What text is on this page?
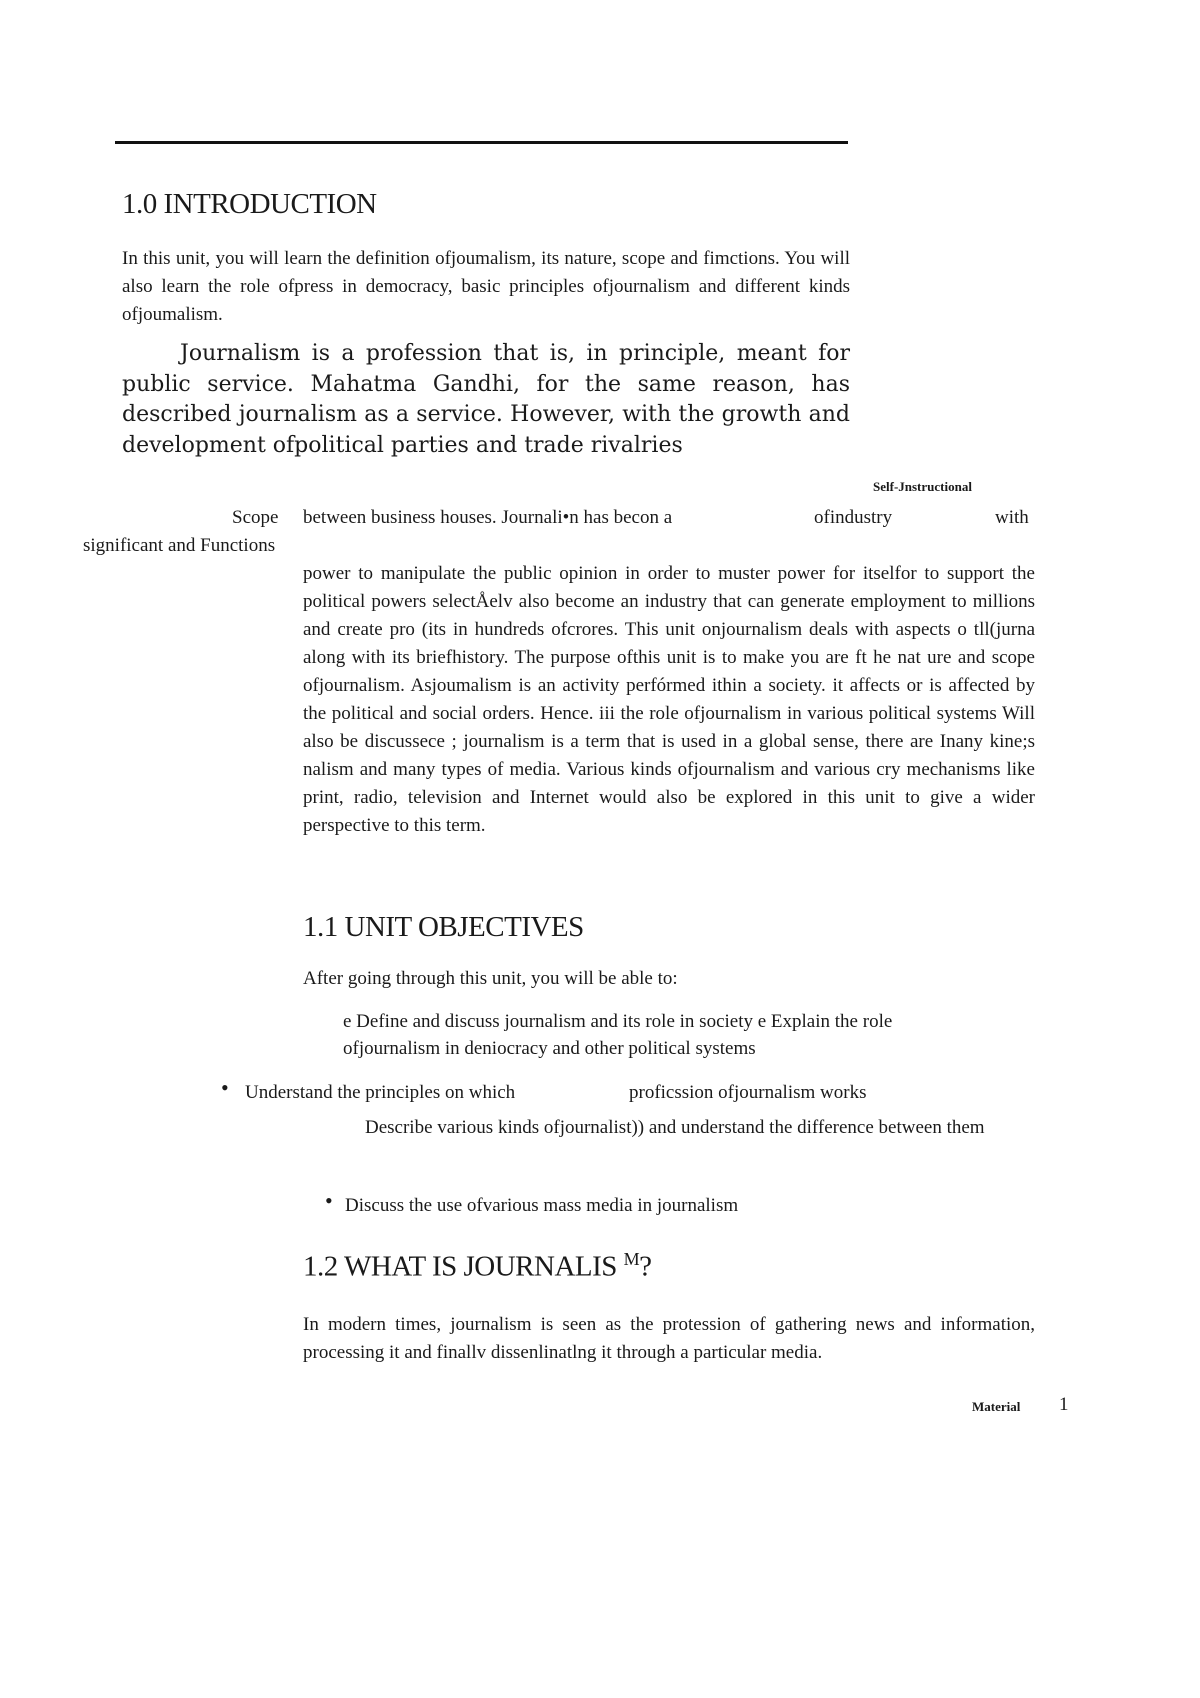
1.0 INTRODUCTION

In this unit, you will learn the definition ofjoumalism, its nature, scope and fimctions. You will also learn the role ofpress in democracy, basic principles ofjournalism and different kinds ofjoumalism.

Journalism is a profession that is, in principle, meant for public service. Mahatma Gandhi, for the same reason, has described journalism as a service. However, with the growth and development ofpolitical parties and trade rivalries

Self-Jnstructional
Scope between business houses. Journali•n has becon a	ofindustry	with
significant and Functions

power to manipulate the public opinion in order to muster power for itselfor to support the political powers selectÅelv also become an industry that can generate employment to millions and create pro (its in hundreds ofcrores. This unit onjournalism deals with aspects o tll(jurna along with its briefhistory. The purpose ofthis unit is to make you are ft he nat ure and scope ofjournalism. Asjoumalism is an activity perfórmed ithin a society. it affects or is affected by the political and social orders. Hence. iii the role ofjournalism in various political systems Will also be discussece ; journalism is a term that is used in a global sense, there are Inany kine;s nalism and many types of media. Various kinds ofjournalism and various cry mechanisms like print, radio, television and Internet would also be explored in this unit to give a wider perspective to this term.

1.1 UNIT OBJECTIVES
After going through this unit, you will be able to:
e Define and discuss journalism and its role in society e Explain the role
ofjournalism in deniocracy and other political systems
• Understand the principles on which	proficssion ofjournalism works

Describe various kinds ofjournalist)) and understand the difference between them

• Discuss the use ofvarious mass media in journalism
1.2 WHAT IS JOURNALIS $^M$?

In modern times, journalism is seen as the protession of gathering news and information, processing it and finallv dissenlinatlng it through a particular media.

Material 1
